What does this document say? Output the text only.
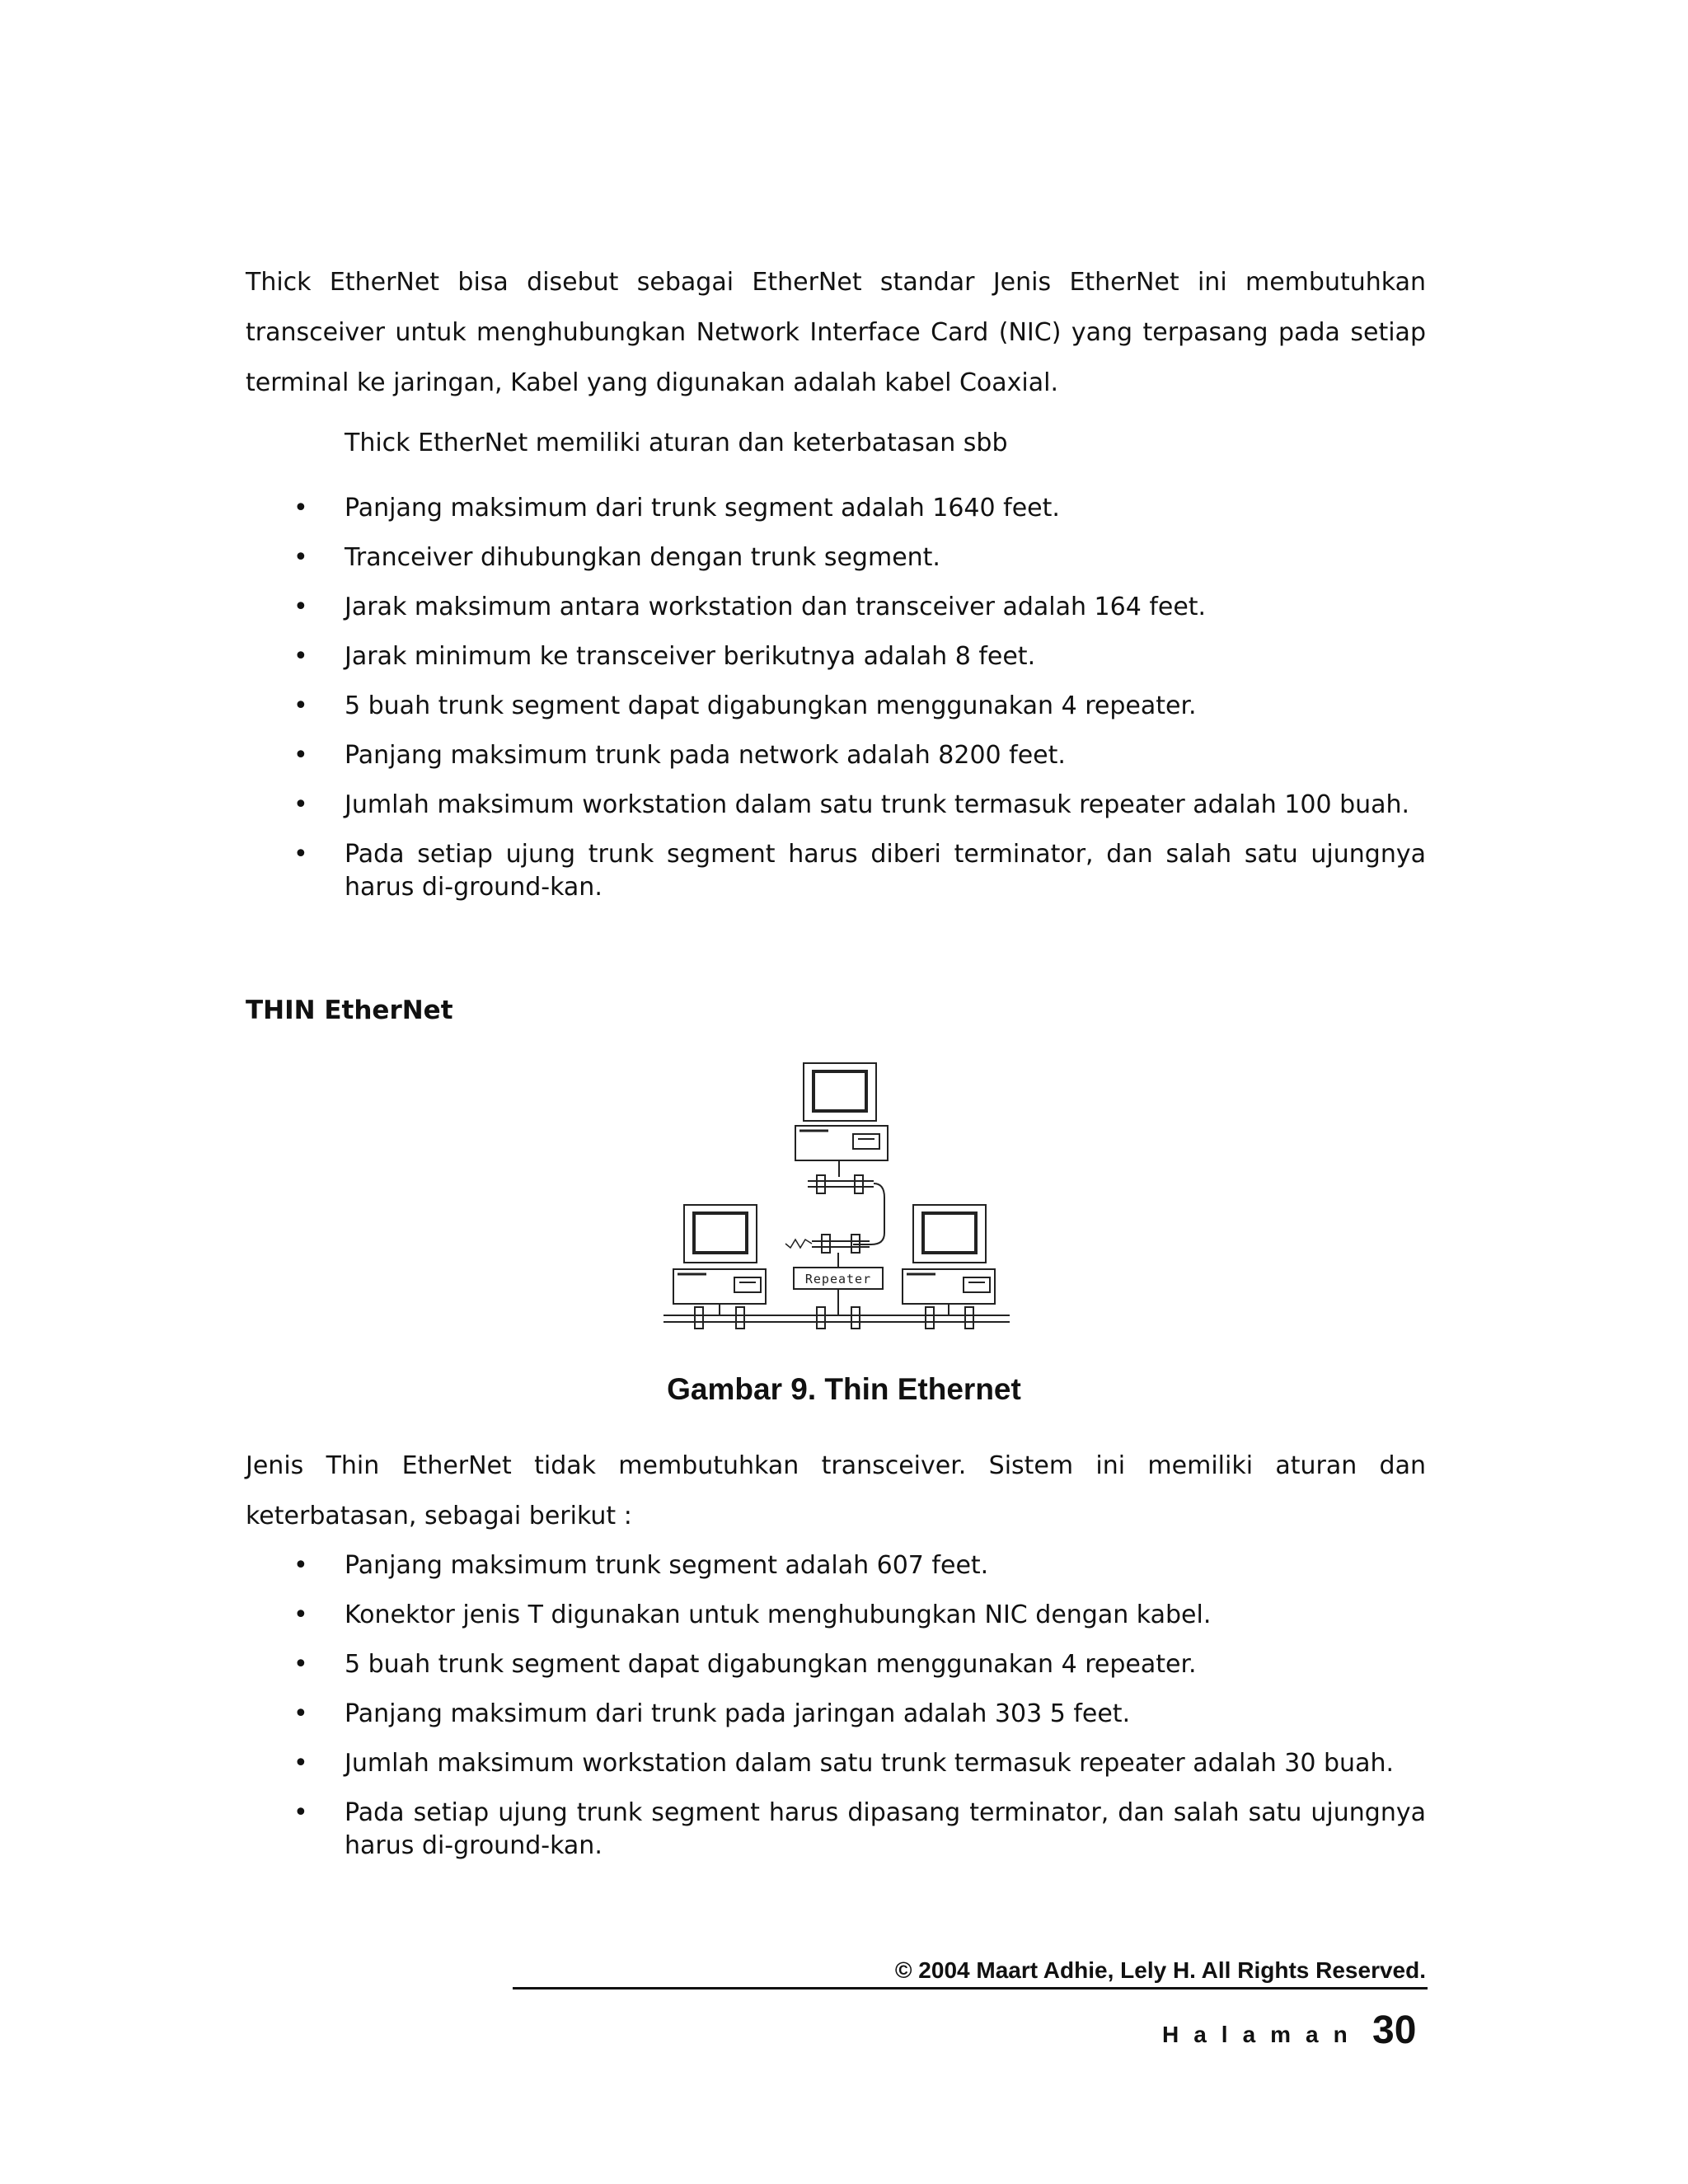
Thick EtherNet bisa disebut sebagai EtherNet standar Jenis EtherNet ini membutuhkan transceiver untuk menghubungkan Network Interface Card (NIC) yang terpasang pada setiap terminal ke jaringan, Kabel yang digunakan adalah kabel Coaxial.

Thick EtherNet memiliki aturan dan keterbatasan sbb

• Panjang maksimum dari trunk segment adalah 1640 feet.
• Tranceiver dihubungkan dengan trunk segment.
• Jarak maksimum antara workstation dan transceiver adalah 164 feet.
• Jarak minimum ke transceiver berikutnya adalah 8 feet.
• 5 buah trunk segment dapat digabungkan menggunakan 4 repeater.
• Panjang maksimum trunk pada network adalah 8200 feet.
• Jumlah maksimum workstation dalam satu trunk termasuk repeater adalah 100 buah.
• Pada setiap ujung trunk segment harus diberi terminator, dan salah satu ujungnya harus di-ground-kan.
THIN EtherNet
Repeater

Gambar 9. Thin Ethernet

Jenis Thin EtherNet tidak membutuhkan transceiver. Sistem ini memiliki aturan dan keterbatasan, sebagai berikut :

• Panjang maksimum trunk segment adalah 607 feet.
• Konektor jenis T digunakan untuk menghubungkan NIC dengan kabel.
• 5 buah trunk segment dapat digabungkan menggunakan 4 repeater.
• Panjang maksimum dari trunk pada jaringan adalah 303 5 feet.
• Jumlah maksimum workstation dalam satu trunk termasuk repeater adalah 30 buah.
• Pada setiap ujung trunk segment harus dipasang terminator, dan salah satu ujungnya harus di-ground-kan.
© 2004 Maart Adhie, Lely H. All Rights Reserved.
Halaman 30
